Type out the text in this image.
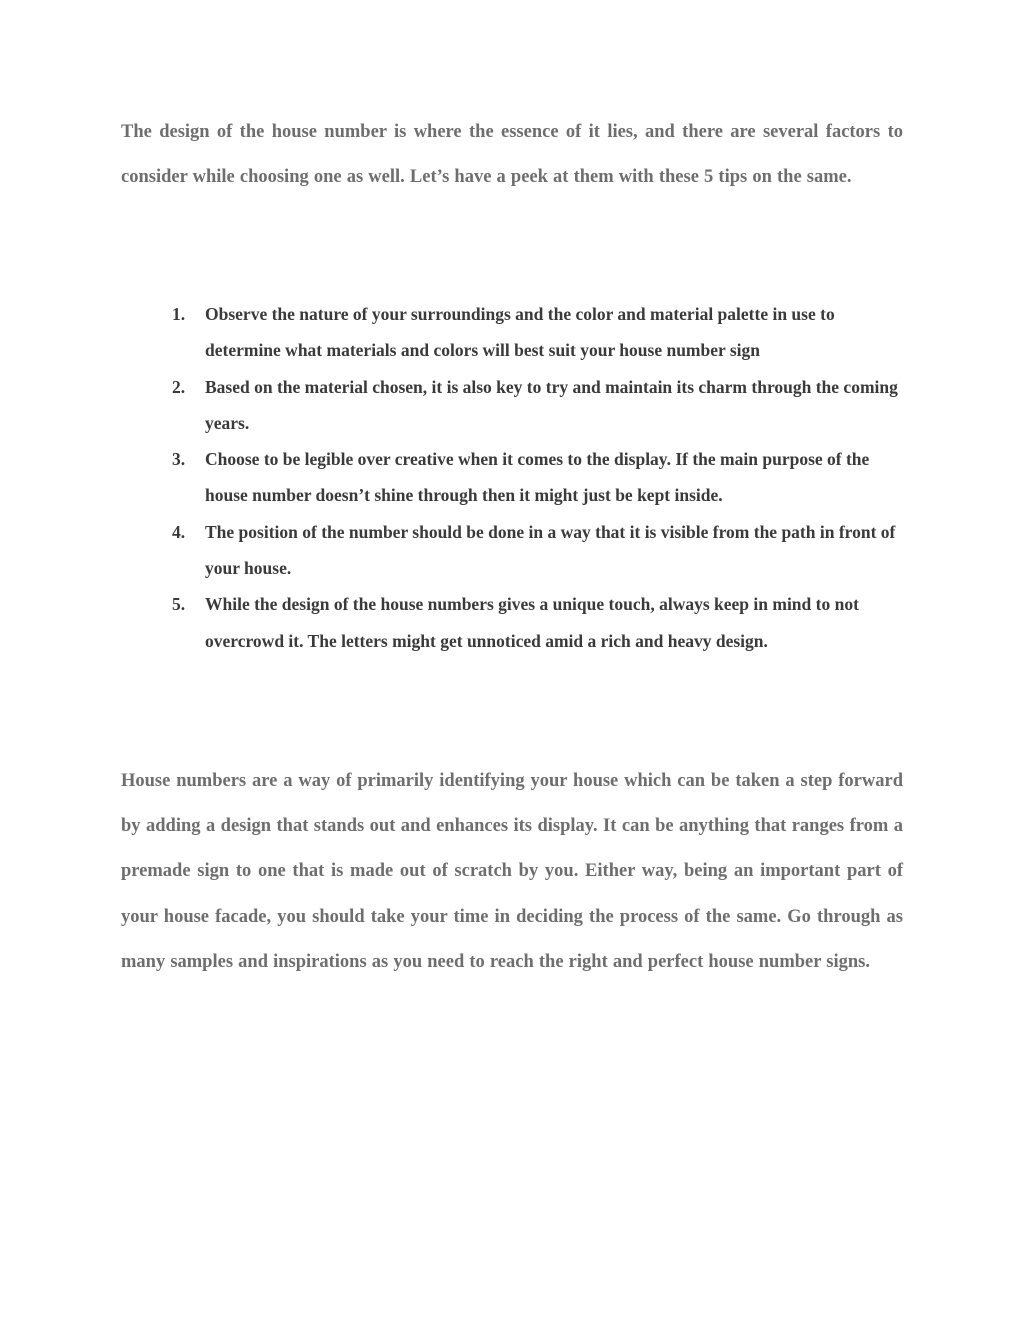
The design of the house number is where the essence of it lies, and there are several factors to consider while choosing one as well. Let’s have a peek at them with these 5 tips on the same.

1. Observe the nature of your surroundings and the color and material palette in use to determine what materials and colors will best suit your house number sign
2. Based on the material chosen, it is also key to try and maintain its charm through the coming years.
3. Choose to be legible over creative when it comes to the display. If the main purpose of the house number doesn’t shine through then it might just be kept inside.
4. The position of the number should be done in a way that it is visible from the path in front of your house.
5. While the design of the house numbers gives a unique touch, always keep in mind to not overcrowd it. The letters might get unnoticed amid a rich and heavy design.

House numbers are a way of primarily identifying your house which can be taken a step forward by adding a design that stands out and enhances its display. It can be anything that ranges from a premade sign to one that is made out of scratch by you. Either way, being an important part of your house facade, you should take your time in deciding the process of the same. Go through as many samples and inspirations as you need to reach the right and perfect house number signs.
